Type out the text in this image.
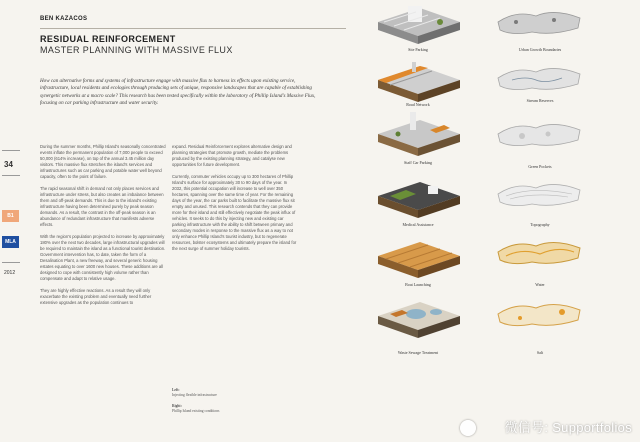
34
B1
MLA
2012
BEN KAZACOS
RESIDUAL REINFORCEMENT
MASTER PLANNING WITH MASSIVE FLUX
How can alternative forms and systems of infrastructure engage with massive flux to harness its effects upon existing service, infrastructure, local residents and ecologies through producing sets of unique, responsive landscapes that are capable of establishing synergetic networks at a macro scale? This research has been tested specifically within the laboratory of Phillip Island's Massive Flux, focusing on car parking infrastructure and water security.

During the summer months, Phillip Island's seasonally concentrated events inflate the permanent population of 7,000 people to exceed 50,000 (614% increase), on top of the annual 3.45 million day visitors. This massive flux stretches the island's services and infrastructures such as car parking and potable water well beyond capacity, often to the point of failure.

The rapid seasonal shift in demand not only places services and infrastructure under stress, but also creates an imbalance between them and off-peak demands. This is due to the island's existing infrastructure having been determined purely by peak season demands. As a result, the contrast in the off-peak season is an abundance of redundant infrastructure that manifests adverse effects.

With the region's population projected to increase by approximately 180% over the next two decades, large infrastructural upgrades will be required to maintain the island as a functional tourist destination. Government intervention has, to date, taken the form of a Desalination Plant, a new freeway, and several generic housing estates equating to over 1600 new houses. These additions are all designed to cope with consistently high volume rather than compensate and adapt to relative usage.

They are highly effective reactions. As a result they will only exacerbate the existing problem and eventually need further extensive upgrades as the population continues to

expand. Residual Reinforcement explores alternative design and planning strategies that promote growth, mediate the problems produced by the existing planning strategy, and catalyse new opportunities for future development.

Currently, commuter vehicles occupy up to 300 hectares of Phillip Island's surface for approximately 30 to 90 days of the year. In 2032, this potential occupation will increase to well over 350 hectares, spanning over the same time of year. For the remaining days of the year, the car parks built to facilitate the massive flux sit empty and unused. This research contends that they can provide more for their island and still effectively negotiate the peak influx of vehicles. It seeks to do this by injecting new and existing car parking infrastructure with the ability to shift between primary and secondary modes in response to the massive flux as a way to not only enhance Phillip Island's tourist industry, but to regenerate resources, bolster ecosystems and ultimately prepare the island for the next surge of summer holiday tourists.

Left:
Injecting flexible infrastructure
Right:
Phillip Island existing conditions
Site Parking
Road Network
Staff Car Parking
Medical Assistance
Boat Launching
Waste Sewage Treatment
Urban Growth Boundaries
Stream Reserves
Green Pockets
Topography
Water
Salt
微信号: Supportfolios
